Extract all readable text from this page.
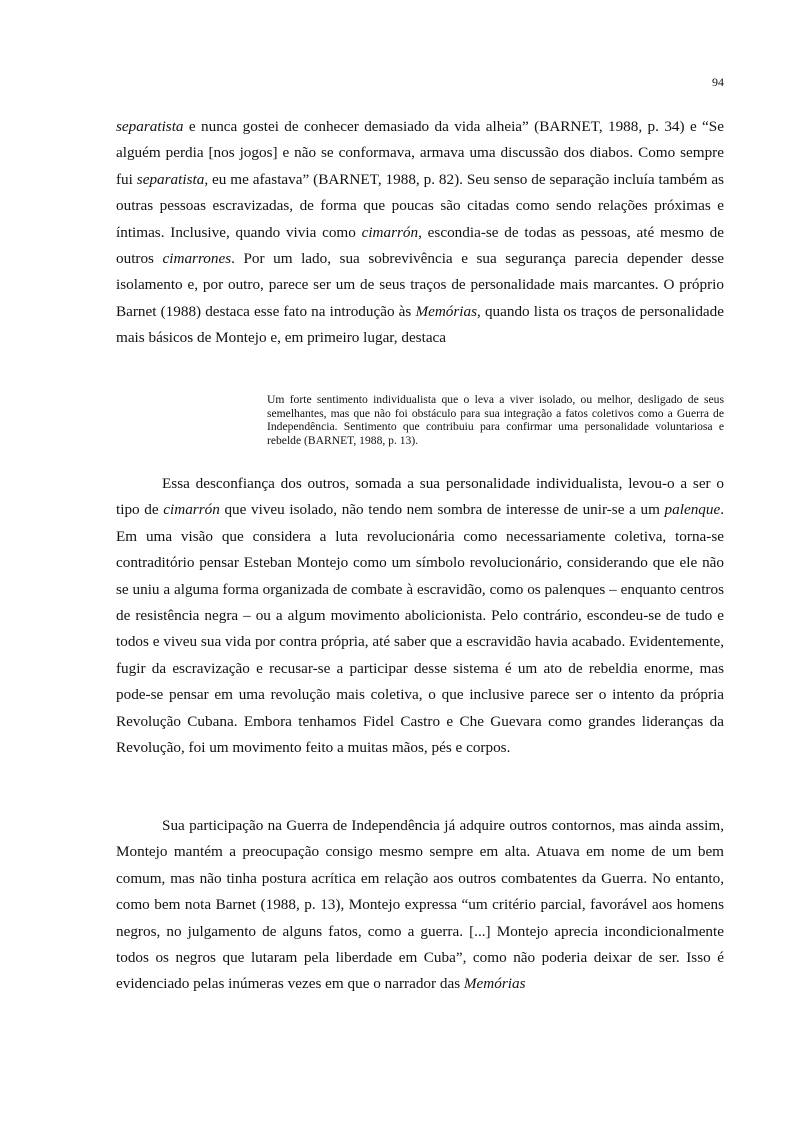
94

separatista e nunca gostei de conhecer demasiado da vida alheia” (BARNET, 1988, p. 34) e “Se alguém perdia [nos jogos] e não se conformava, armava uma discussão dos diabos. Como sempre fui separatista, eu me afastava” (BARNET, 1988, p. 82). Seu senso de separação incluía também as outras pessoas escravizadas, de forma que poucas são citadas como sendo relações próximas e íntimas. Inclusive, quando vivia como cimarrón, escondia-se de todas as pessoas, até mesmo de outros cimarrones. Por um lado, sua sobrevivência e sua segurança parecia depender desse isolamento e, por outro, parece ser um de seus traços de personalidade mais marcantes. O próprio Barnet (1988) destaca esse fato na introdução às Memórias, quando lista os traços de personalidade mais básicos de Montejo e, em primeiro lugar, destaca

Um forte sentimento individualista que o leva a viver isolado, ou melhor, desligado de seus semelhantes, mas que não foi obstáculo para sua integração a fatos coletivos como a Guerra de Independência. Sentimento que contribuiu para confirmar uma personalidade voluntariosa e rebelde (BARNET, 1988, p. 13).

Essa desconfiança dos outros, somada a sua personalidade individualista, levou-o a ser o tipo de cimarrón que viveu isolado, não tendo nem sombra de interesse de unir-se a um palenque. Em uma visão que considera a luta revolucionária como necessariamente coletiva, torna-se contraditório pensar Esteban Montejo como um símbolo revolucionário, considerando que ele não se uniu a alguma forma organizada de combate à escravidão, como os palenques – enquanto centros de resistência negra – ou a algum movimento abolicionista. Pelo contrário, escondeu-se de tudo e todos e viveu sua vida por contra própria, até saber que a escravidão havia acabado. Evidentemente, fugir da escravização e recusar-se a participar desse sistema é um ato de rebeldia enorme, mas pode-se pensar em uma revolução mais coletiva, o que inclusive parece ser o intento da própria Revolução Cubana. Embora tenhamos Fidel Castro e Che Guevara como grandes lideranças da Revolução, foi um movimento feito a muitas mãos, pés e corpos.

Sua participação na Guerra de Independência já adquire outros contornos, mas ainda assim, Montejo mantém a preocupação consigo mesmo sempre em alta. Atuava em nome de um bem comum, mas não tinha postura acrítica em relação aos outros combatentes da Guerra. No entanto, como bem nota Barnet (1988, p. 13), Montejo expressa “um critério parcial, favorável aos homens negros, no julgamento de alguns fatos, como a guerra. [...] Montejo aprecia incondicionalmente todos os negros que lutaram pela liberdade em Cuba”, como não poderia deixar de ser. Isso é evidenciado pelas inúmeras vezes em que o narrador das Memórias
